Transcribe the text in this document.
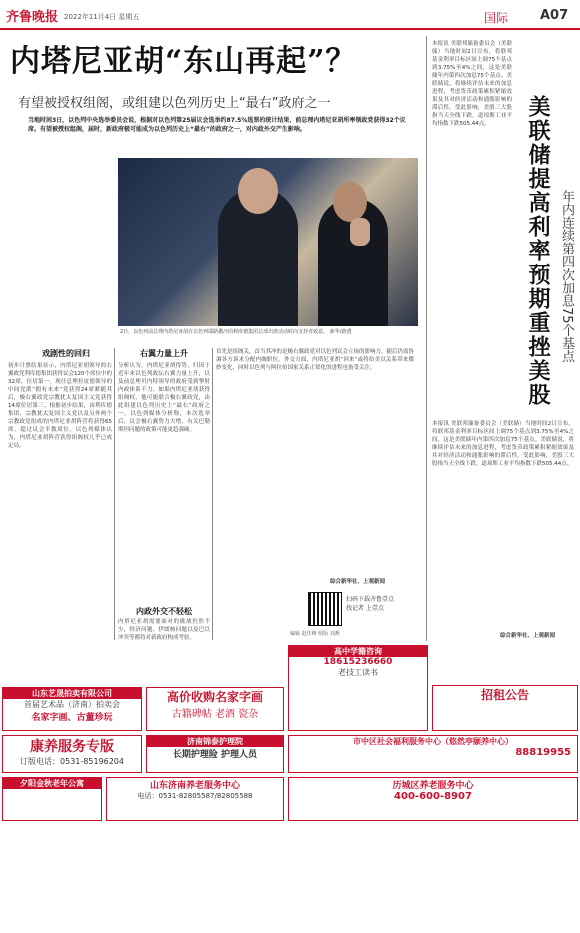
齐鲁晚报 2022年11月4日 星期五	国际 A07
内塔尼亚胡“东山再起”？
有望被授权组阁，或组建以色列历史上“最右”政府之一
当地时间3日，以色列中央选举委员会说，根据对以色列第25届议会选举约87.5%选票的统计结果，前总理内塔尼亚胡所率领政党获得32个议席。有望被授权组阁，届时，新政府极可能成为以色列历史上“最右”的政府之一，对内政外交产生影响。
2日，以色列前总理内塔尼亚胡在以色列耶路撒冷的利库德集团总部出席活动时向支持者致意。 新华/路透
戏剧性的回归
初步计票结果显示，内塔尼亚胡领导的右翼政党利库德集团获得议会120个席位中的32席，位居第一。现任总理拉皮德领导的中间党派“拥有未来”党获得24席紧随其后，极右翼政党宗教犹太复国主义党获得14席位居第三。根据初步结果，由利库德集团、宗教犹太复国主义党以及另外两个宗教政党组成的内塔尼亚胡阵营将获得65席，超过议会半数席位。以色列媒体认为，内塔尼亚胡阵营获得组阁权几乎已成定局。
右翼力量上升
分析认为，内塔尼亚胡得势，归因于近年来以色列政坛右翼力量上升，以及前总理贝内特领导的政府受到掣肘内政体系不力。如果内塔尼亚胡获得组阁权，他可能联合极右翼政党，由此组建以色列历史上“最右”政府之一。以色列媒体分析称，本次选举后，议会极右翼势力大增，有关巴勒斯坦问题的政策可能更趋强硬。
内政外交不轻松
内塔尼亚胡需要面对的挑战仍然不少，经济问题、伊朗核问题以及巴以冲突等都将对新政府构成考验。
首先是组阁关，首当其冲的是极右翼政党对以色列议会立场的影响力。随后仍需协调各方诉求分配内阁职位。外交方面，内塔尼亚胡“回来”或将给美以关系带来微妙变化，同时以色列与阿拉伯国家关系正常化的进程也备受关注。
综合新华社、上观新闻
扫码下载齐鲁壹点
找记者 上壹点
编辑 赵佳峰 组版 刘燕
美联储提高利率预期重挫美股 年内连续第四次加息75个基点
本报讯 美联邦储备委员会（美联储）当地时间2日宣布，将联邦基金利率目标区间上调75个基点到3.75%至4%之间，这是美联储年内第四次加息75个基点。美联储说，将继续评估未来的加息进程，考虑货币政策累积紧缩效果及其对经济活动和通胀影响的滞后性。受此影响，美股三大股指当天全线下跌，道琼斯工业平均指数下跌505.44点。
本报讯 美联邦储备委员会（美联储）当地时间2日宣布，将联邦基金利率目标区间上调75个基点到3.75%至4%之间，这是美联储年内第四次加息75个基点。美联储说，将继续评估未来的加息进程，考虑货币政策累积紧缩效果及其对经济活动和通胀影响的滞后性。受此影响，美股三大股指当天全线下跌，道琼斯工业平均指数下跌505.44点。
综合新华社、上观新闻
山东艺晟拍卖有限公司
首届艺术品（济南）拍卖会
名家字画、古董珍玩
高价收购名家字画
古籍碑帖 老酒 瓷杂
高中学籍咨询
18615236660
老技工读书
招租公告
康养服务专版
订版电话：0531-85196204
济南锦泰护理院
长期护理险 护理人员
市中区社会福利服务中心（悠然亭颐养中心）
88819955
夕阳金秋老年公寓	山东济南养老服务中心
电话：0531-82805587/82805588
历城区养老服务中心
400-600-8907
